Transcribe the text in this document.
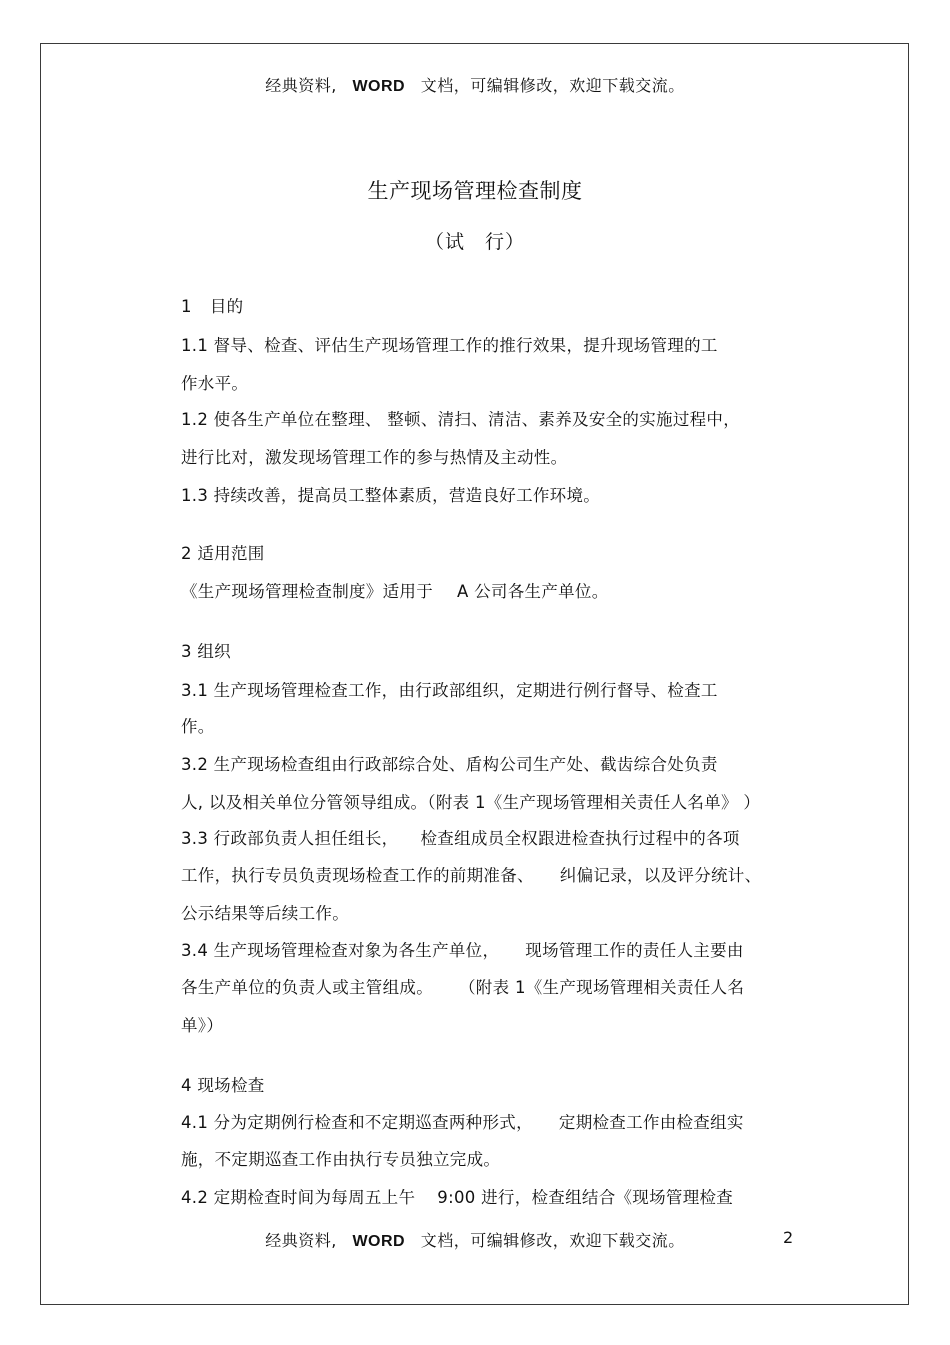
经典资料, WORD 文档，可编辑修改，欢迎下载交流。
生产现场管理检查制度
（试 行）
1 目的
1.1 督导、检查、评估生产现场管理工作的推行效果，提升现场管理的工
作水平。
1.2 使各生产单位在整理、 整顿、清扫、清洁、素养及安全的实施过程中，
进行比对，激发现场管理工作的参与热情及主动性。
1.3 持续改善，提高员工整体素质，营造良好工作环境。
2 适用范围
《生产现场管理检查制度》适用于 A 公司各生产单位。
3 组织
3.1 生产现场管理检查工作，由行政部组织，定期进行例行督导、检查工
作。
3.2 生产现场检查组由行政部综合处、盾构公司生产处、截齿综合处负责
人, 以及相关单位分管领导组成。（附表 1《生产现场管理相关责任人名单》 ）
3.3 行政部负责人担任组长， 检查组成员全权跟进检查执行过程中的各项
工作，执行专员负责现场检查工作的前期准备、 纠偏记录，以及评分统计、
公示结果等后续工作。
3.4 生产现场管理检查对象为各生产单位， 现场管理工作的责任人主要由
各生产单位的负责人或主管组成。 （附表 1《生产现场管理相关责任人名
单》）
4 现场检查
4.1 分为定期例行检查和不定期巡查两种形式， 定期检查工作由检查组实
施，不定期巡查工作由执行专员独立完成。
4.2 定期检查时间为每周五上午 9:00 进行，检查组结合《现场管理检查
经典资料, WORD 文档，可编辑修改，欢迎下载交流。	2
